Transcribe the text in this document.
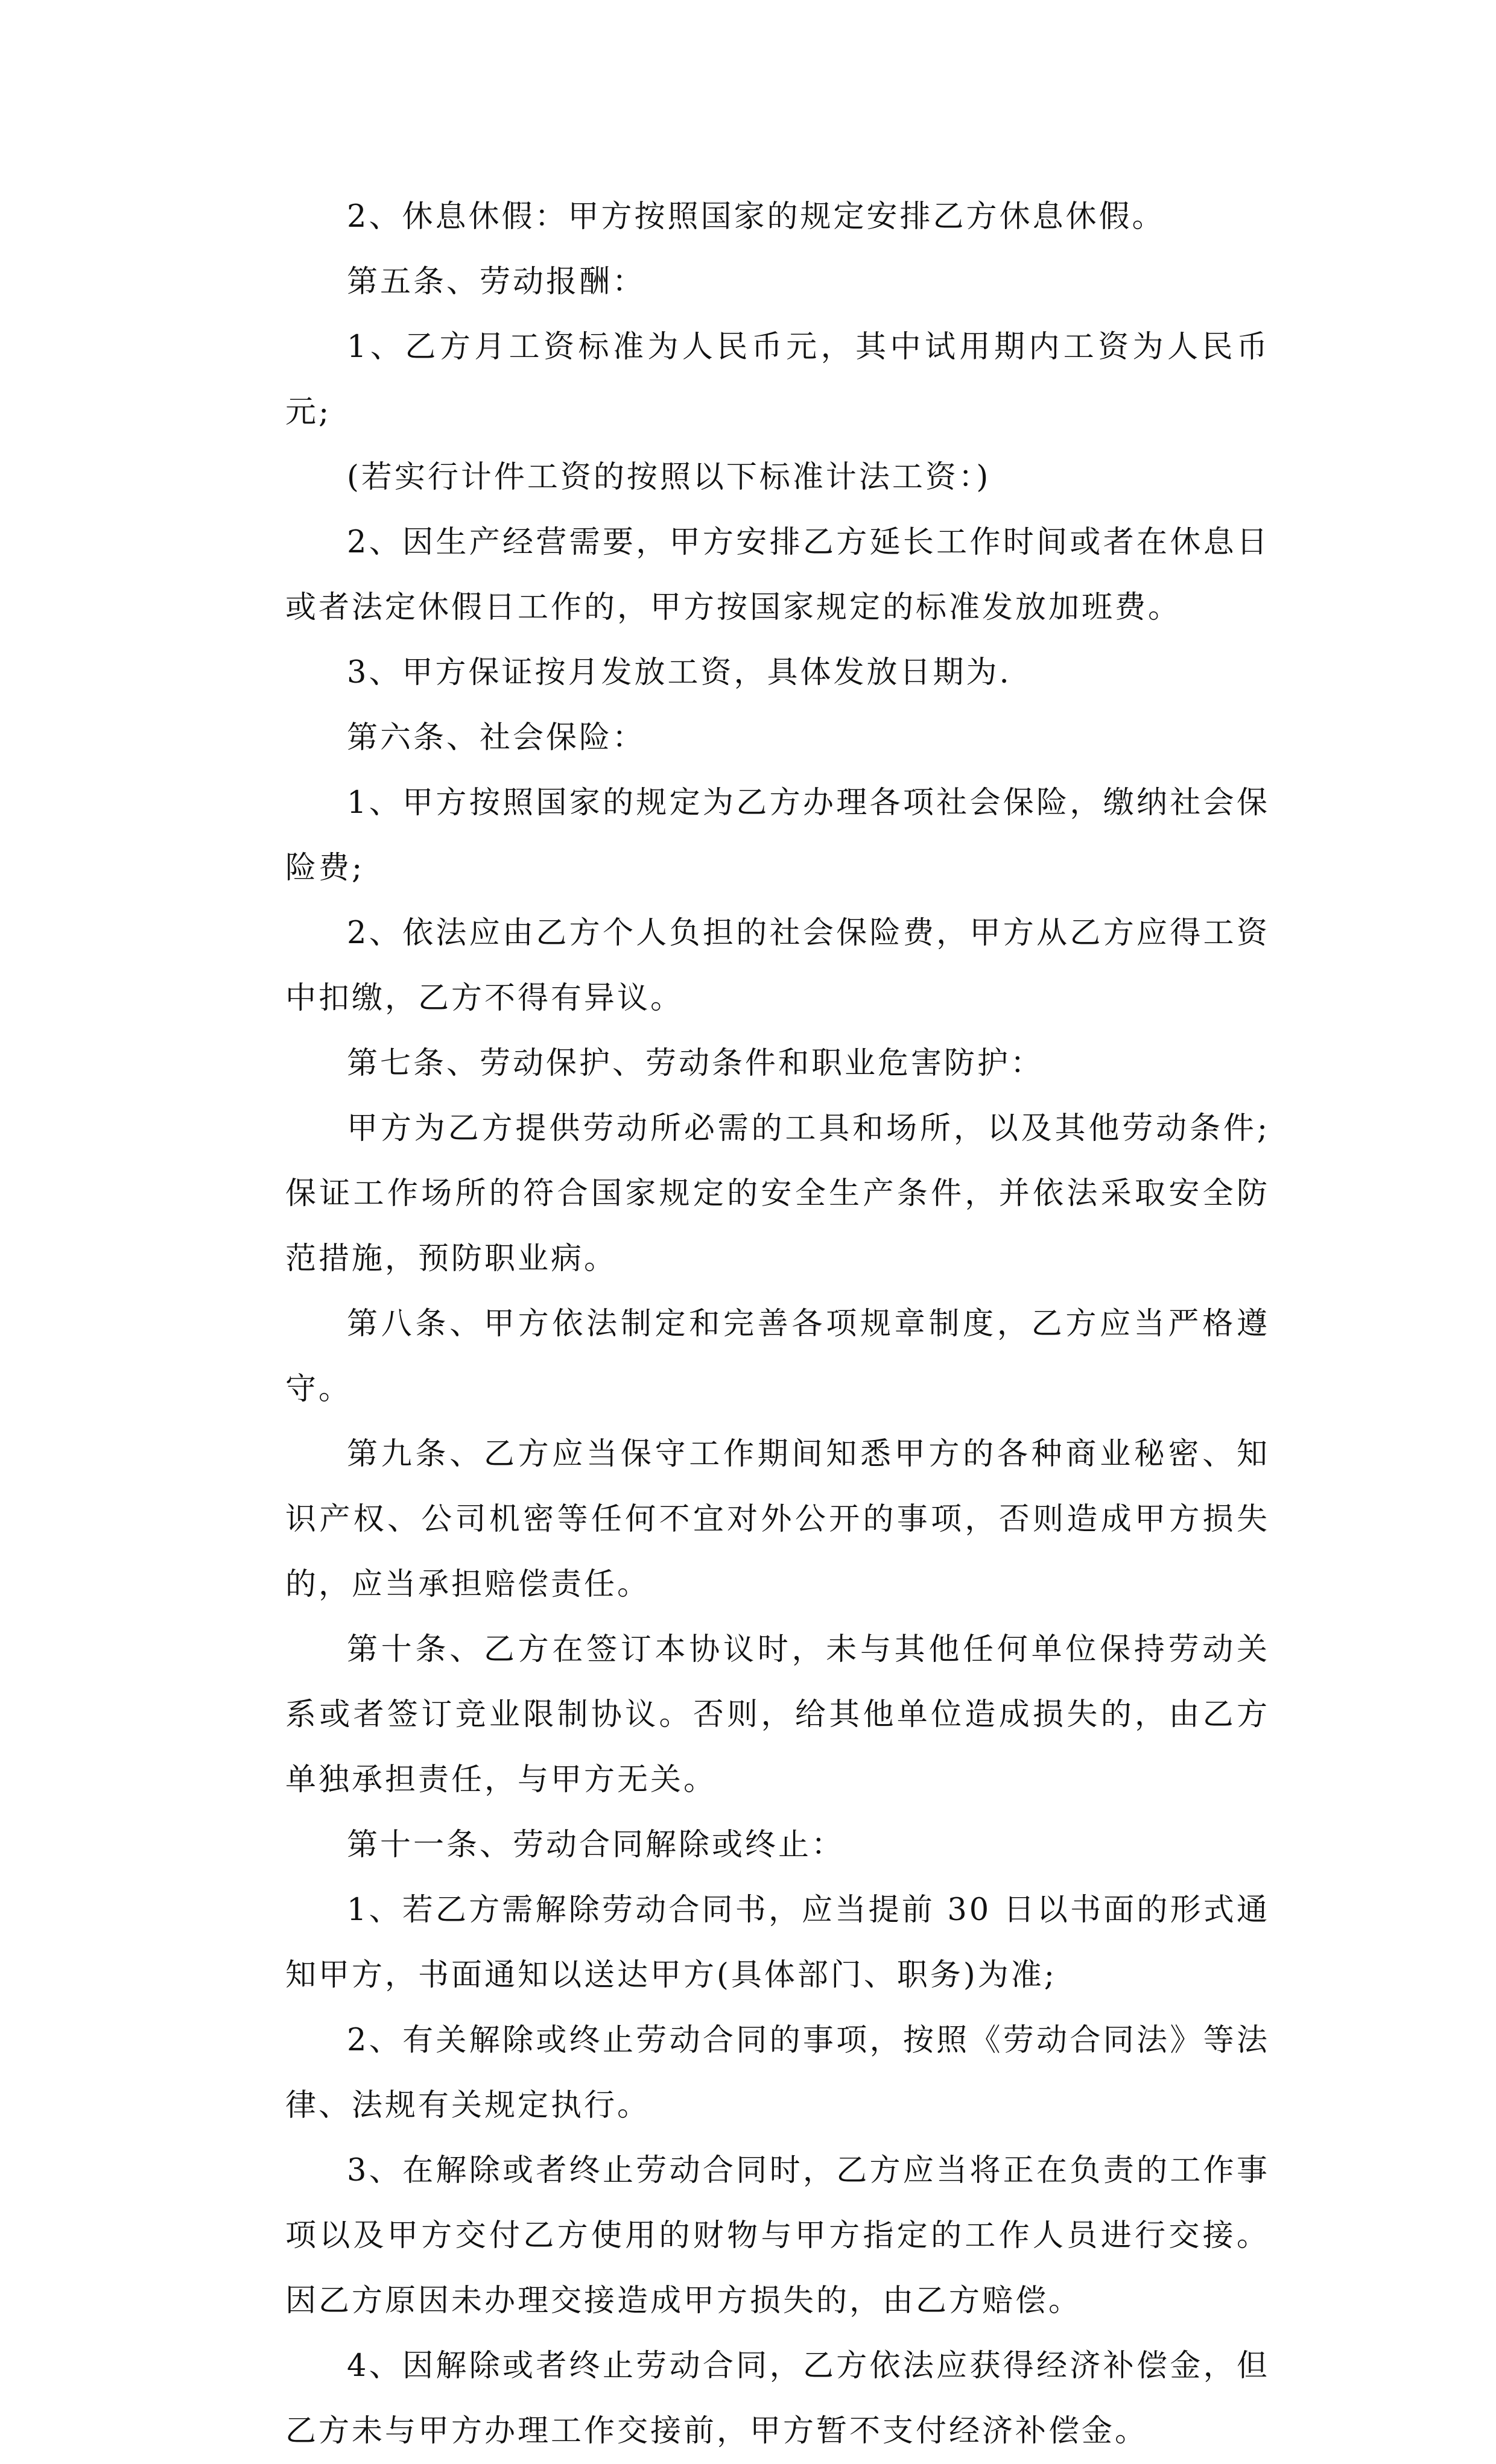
2、休息休假：甲方按照国家的规定安排乙方休息休假。

第五条、劳动报酬：

1、乙方月工资标准为人民币元，其中试用期内工资为人民币元;

(若实行计件工资的按照以下标准计法工资：)

2、因生产经营需要，甲方安排乙方延长工作时间或者在休息日或者法定休假日工作的，甲方按国家规定的标准发放加班费。

3、甲方保证按月发放工资，具体发放日期为.

第六条、社会保险：

1、甲方按照国家的规定为乙方办理各项社会保险，缴纳社会保险费;

2、依法应由乙方个人负担的社会保险费，甲方从乙方应得工资中扣缴，乙方不得有异议。

第七条、劳动保护、劳动条件和职业危害防护：

甲方为乙方提供劳动所必需的工具和场所，以及其他劳动条件;保证工作场所的符合国家规定的安全生产条件，并依法采取安全防范措施，预防职业病。

第八条、甲方依法制定和完善各项规章制度，乙方应当严格遵守。

第九条、乙方应当保守工作期间知悉甲方的各种商业秘密、知识产权、公司机密等任何不宜对外公开的事项，否则造成甲方损失的，应当承担赔偿责任。

第十条、乙方在签订本协议时，未与其他任何单位保持劳动关系或者签订竞业限制协议。否则，给其他单位造成损失的，由乙方单独承担责任，与甲方无关。

第十一条、劳动合同解除或终止：

1、若乙方需解除劳动合同书，应当提前 30 日以书面的形式通知甲方，书面通知以送达甲方(具体部门、职务)为准;

2、有关解除或终止劳动合同的事项，按照《劳动合同法》等法律、法规有关规定执行。

3、在解除或者终止劳动合同时，乙方应当将正在负责的工作事项以及甲方交付乙方使用的财物与甲方指定的工作人员进行交接。因乙方原因未办理交接造成甲方损失的，由乙方赔偿。

4、因解除或者终止劳动合同，乙方依法应获得经济补偿金，但乙方未与甲方办理工作交接前，甲方暂不支付经济补偿金。
